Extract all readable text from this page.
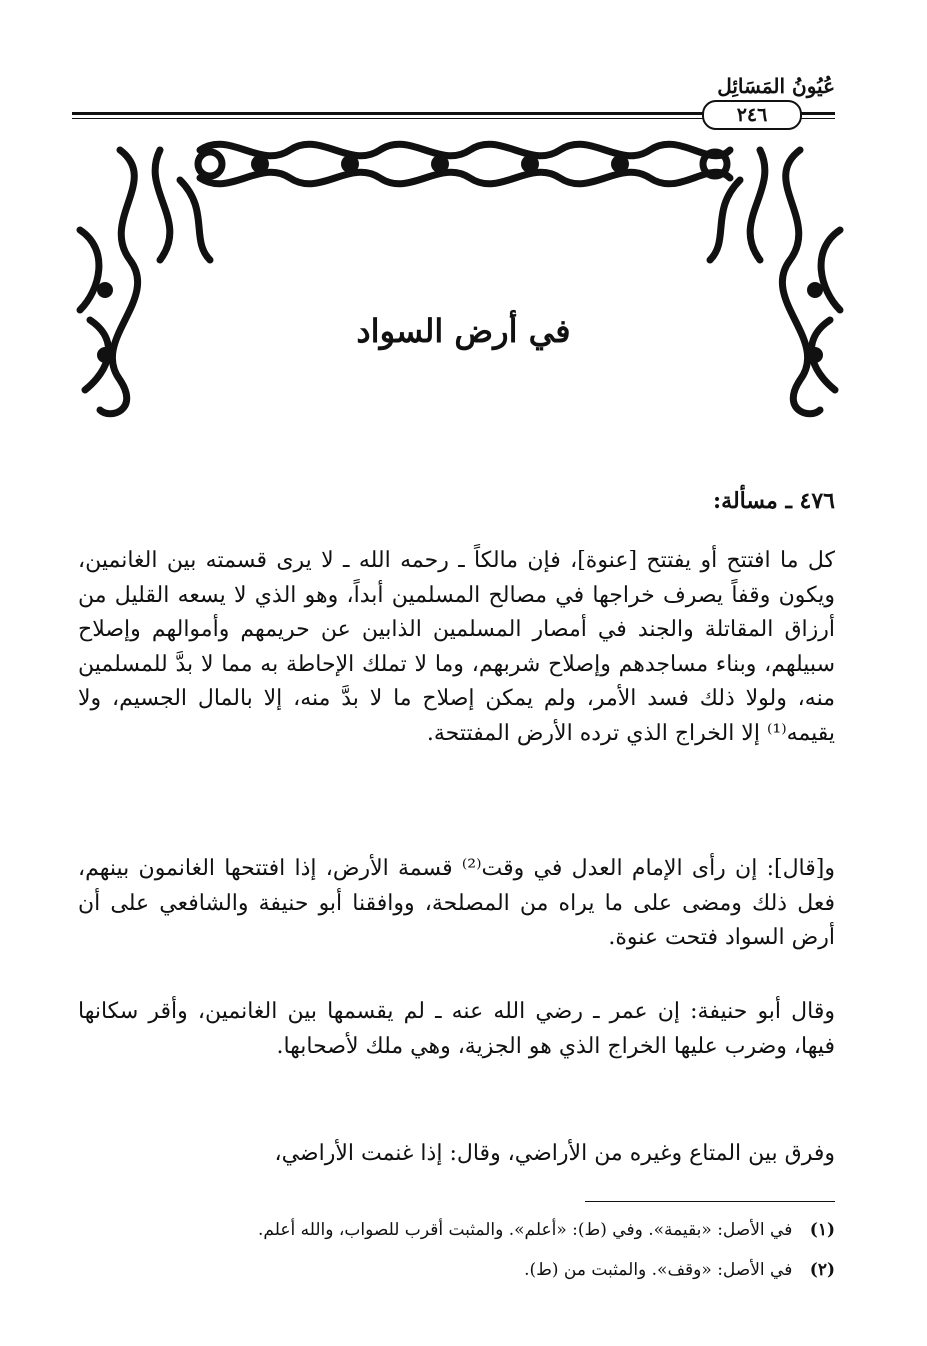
عُيُونُ المَسَائِل
٢٤٦
في أرض السواد
٤٧٦ ـ مسألة:
كل ما افتتح أو يفتتح [عنوة]، فإن مالكاً ـ رحمه الله ـ لا يرى قسمته بين الغانمين، ويكون وقفاً يصرف خراجها في مصالح المسلمين أبداً، وهو الذي لا يسعه القليل من أرزاق المقاتلة والجند في أمصار المسلمين الذابين عن حريمهم وأموالهم وإصلاح سبيلهم، وبناء مساجدهم وإصلاح شربهم، وما لا تملك الإحاطة به مما لا بدَّ للمسلمين منه، ولولا ذلك فسد الأمر، ولم يمكن إصلاح ما لا بدَّ منه، إلا بالمال الجسيم، ولا يقيمه⁽¹⁾ إلا الخراج الذي ترده الأرض المفتتحة.
و[قال]: إن رأى الإمام العدل في وقت⁽²⁾ قسمة الأرض، إذا افتتحها الغانمون بينهم، فعل ذلك ومضى على ما يراه من المصلحة، ووافقنا أبو حنيفة والشافعي على أن أرض السواد فتحت عنوة.
وقال أبو حنيفة: إن عمر ـ رضي الله عنه ـ لم يقسمها بين الغانمين، وأقر سكانها فيها، وضرب عليها الخراج الذي هو الجزية، وهي ملك لأصحابها.
وفرق بين المتاع وغيره من الأراضي، وقال: إذا غنمت الأراضي،
(١) في الأصل: «بقيمة». وفي (ط): «أعلم». والمثبت أقرب للصواب، والله أعلم.
(٢) في الأصل: «وقف». والمثبت من (ط).
